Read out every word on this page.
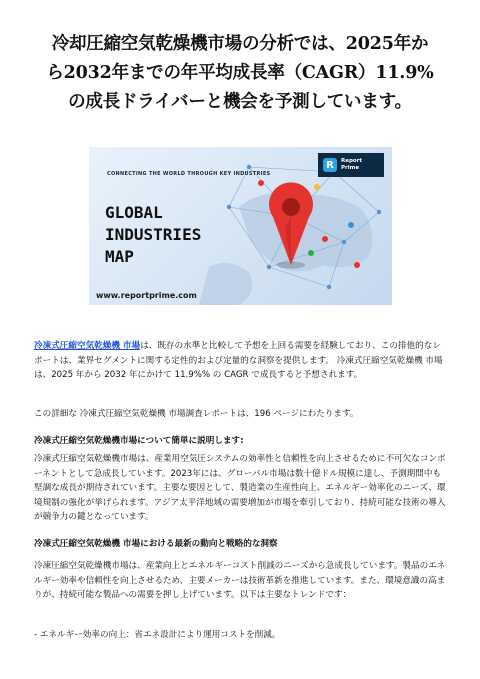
冷却圧縮空気乾燥機市場の分析では、2025年か
ら2032年までの年平均成長率（CAGR）11.9%
の成長ドライバーと機会を予測しています。
CONNECTING THE WORLD THROUGH KEY INDUSTRIES
GLOBAL
INDUSTRIES
MAP
www.reportprime.com
R	Report
Prime

冷凍式圧縮空気乾燥機 市場は、既存の水準と比較して予想を上回る需要を経験しており、この排他的なレポートは、業界セグメントに関する定性的および定量的な洞察を提供します。 冷凍式圧縮空気乾燥機 市場は、2025 年から 2032 年にかけて 11.9%% の CAGR で成長すると予想されます。

この詳細な 冷凍式圧縮空気乾燥機 市場調査レポートは、196 ページにわたります。

冷凍式圧縮空気乾燥機市場について簡単に説明します:

冷凍式圧縮空気乾燥機市場は、産業用空気圧システムの効率性と信頼性を向上させるために不可欠なコンポーネントとして急成長しています。2023年には、グローバル市場は数十億ドル規模に達し、予測期間中も堅調な成長が期待されています。主要な要因として、製造業の生産性向上、エネルギー効率化のニーズ、環境規制の強化が挙げられます。アジア太平洋地域の需要増加が市場を牽引しており、持続可能な技術の導入が競争力の鍵となっています。

冷凍式圧縮空気乾燥機 市場における最新の動向と戦略的な洞察

冷凍圧縮空気乾燥機市場は、産業向上とエネルギーコスト削減のニーズから急成長しています。製品のエネルギー効率や信頼性を向上させるため、主要メーカーは技術革新を推進しています。また、環境意識の高まりが、持続可能な製品への需要を押し上げています。以下は主要なトレンドです：

- エネルギー効率の向上：省エネ設計により運用コストを削減。
